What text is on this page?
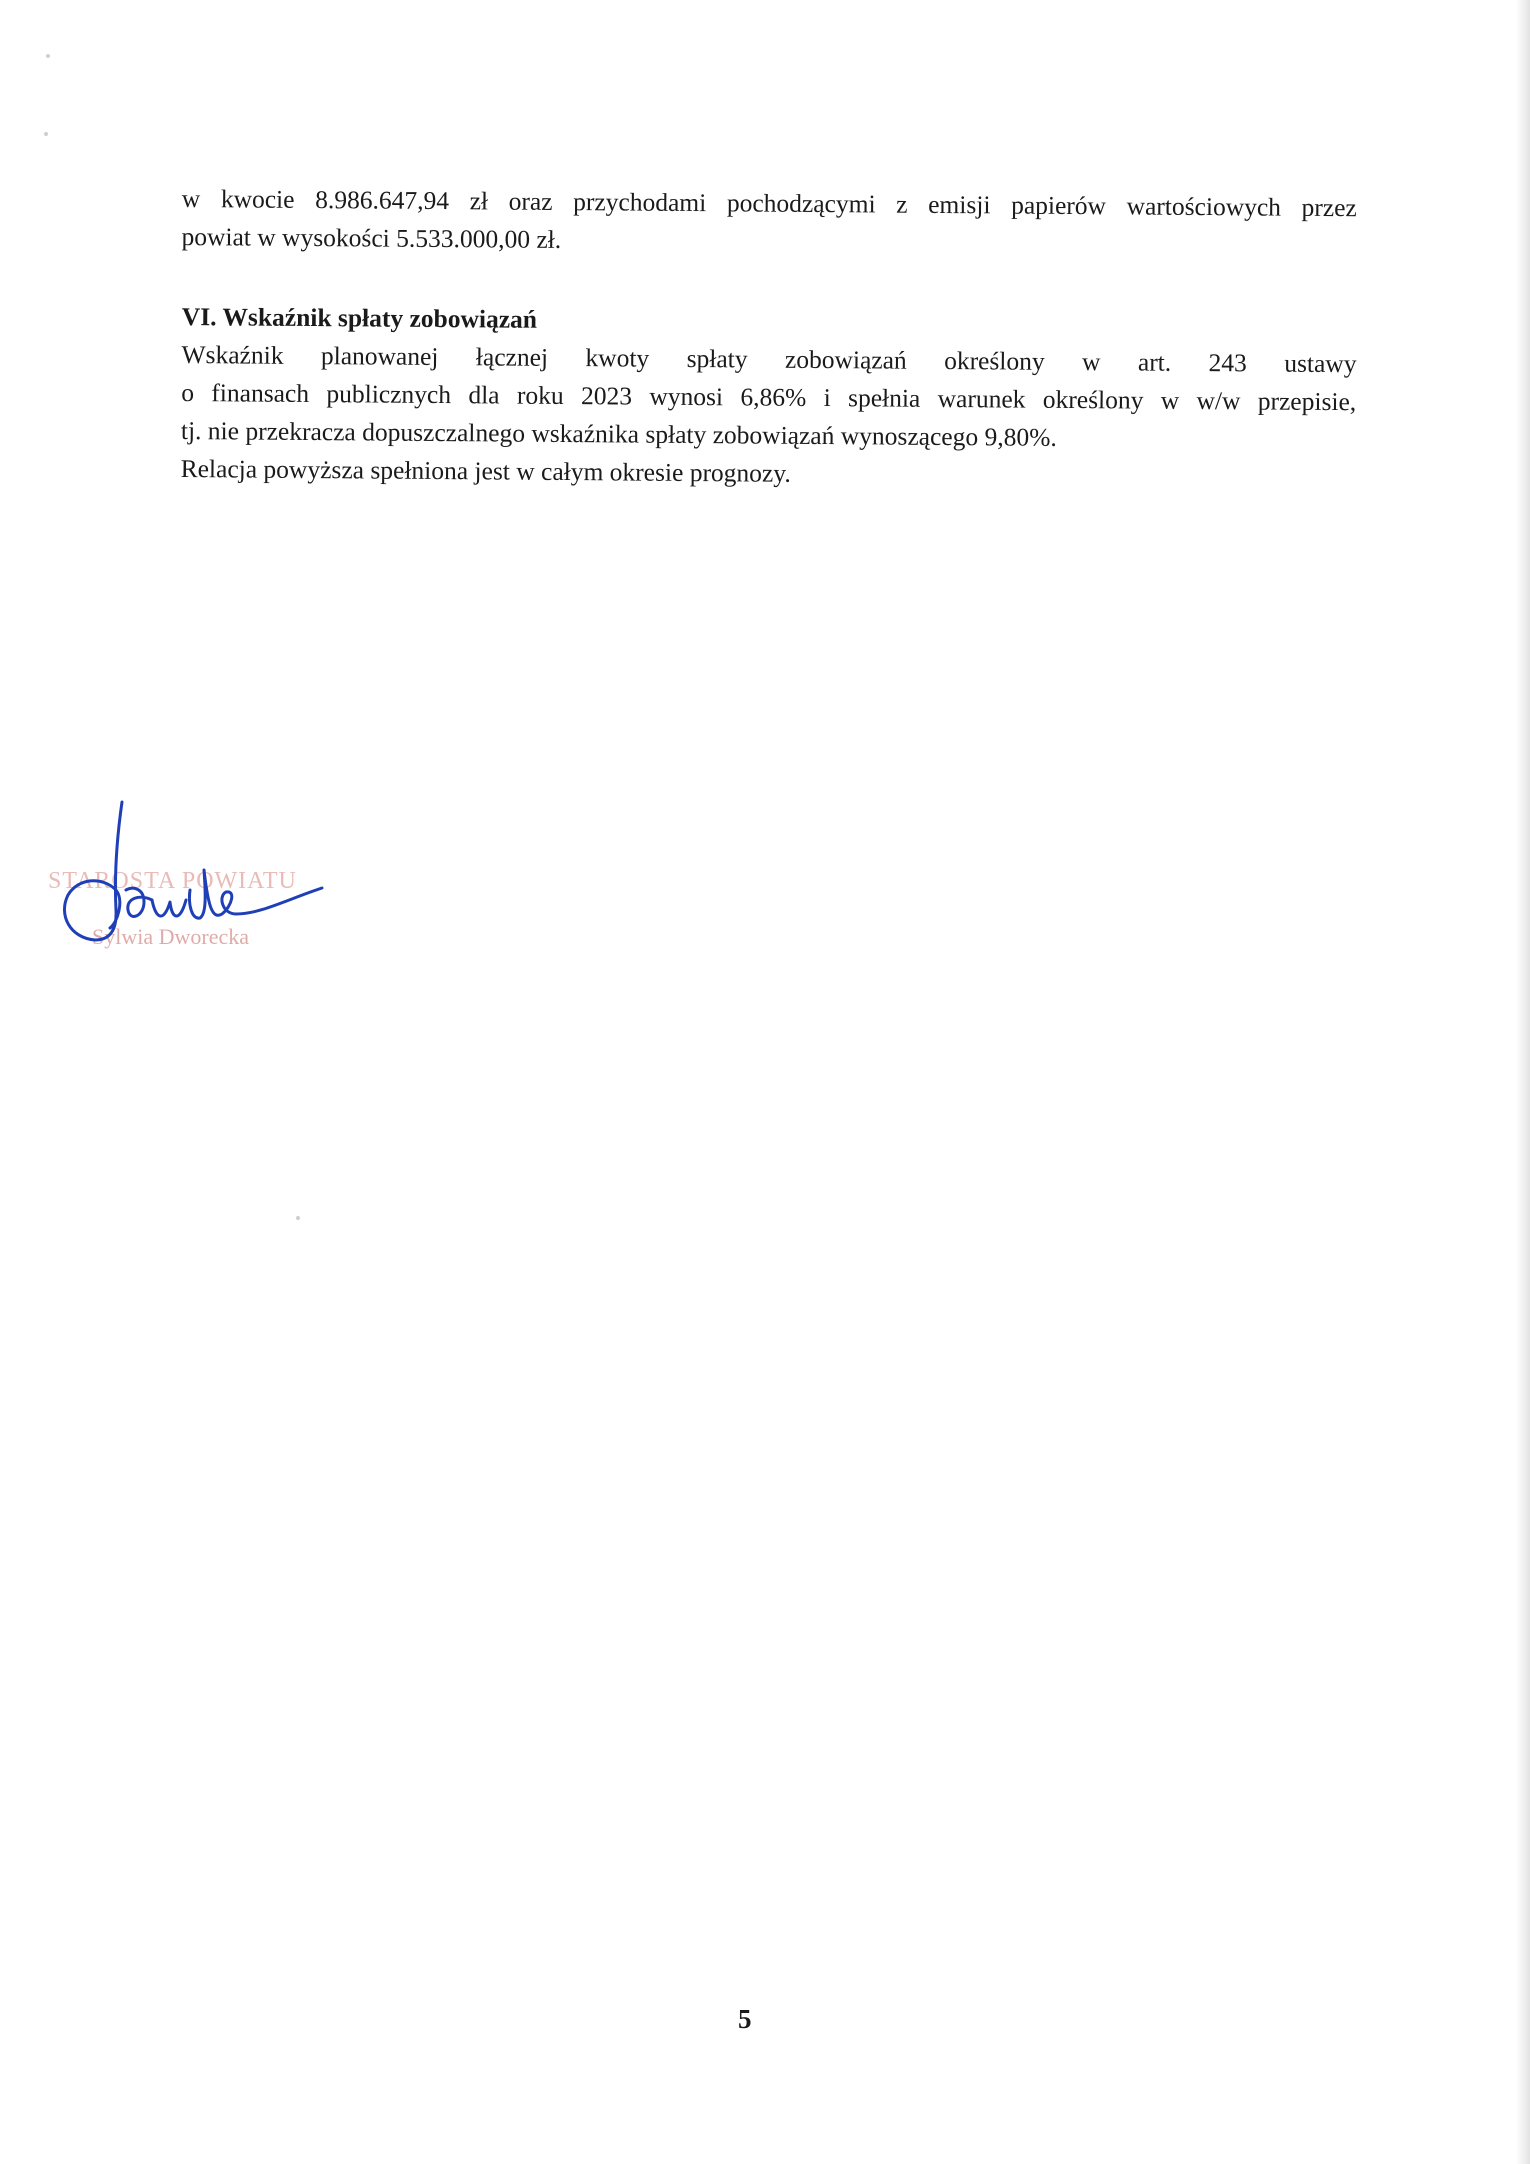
w kwocie 8.986.647,94 zł oraz przychodami pochodzącymi z emisji papierów wartościowych przez
powiat w wysokości 5.533.000,00 zł.
VI. Wskaźnik spłaty zobowiązań
Wskaźnik planowanej łącznej kwoty spłaty zobowiązań określony w art. 243 ustawy
o finansach publicznych dla roku 2023 wynosi 6,86% i spełnia warunek określony w w/w przepisie,
tj. nie przekracza dopuszczalnego wskaźnika spłaty zobowiązań wynoszącego 9,80%.
Relacja powyższa spełniona jest w całym okresie prognozy.
STAROSTA POWIATU
Sylwia Dworecka
5
